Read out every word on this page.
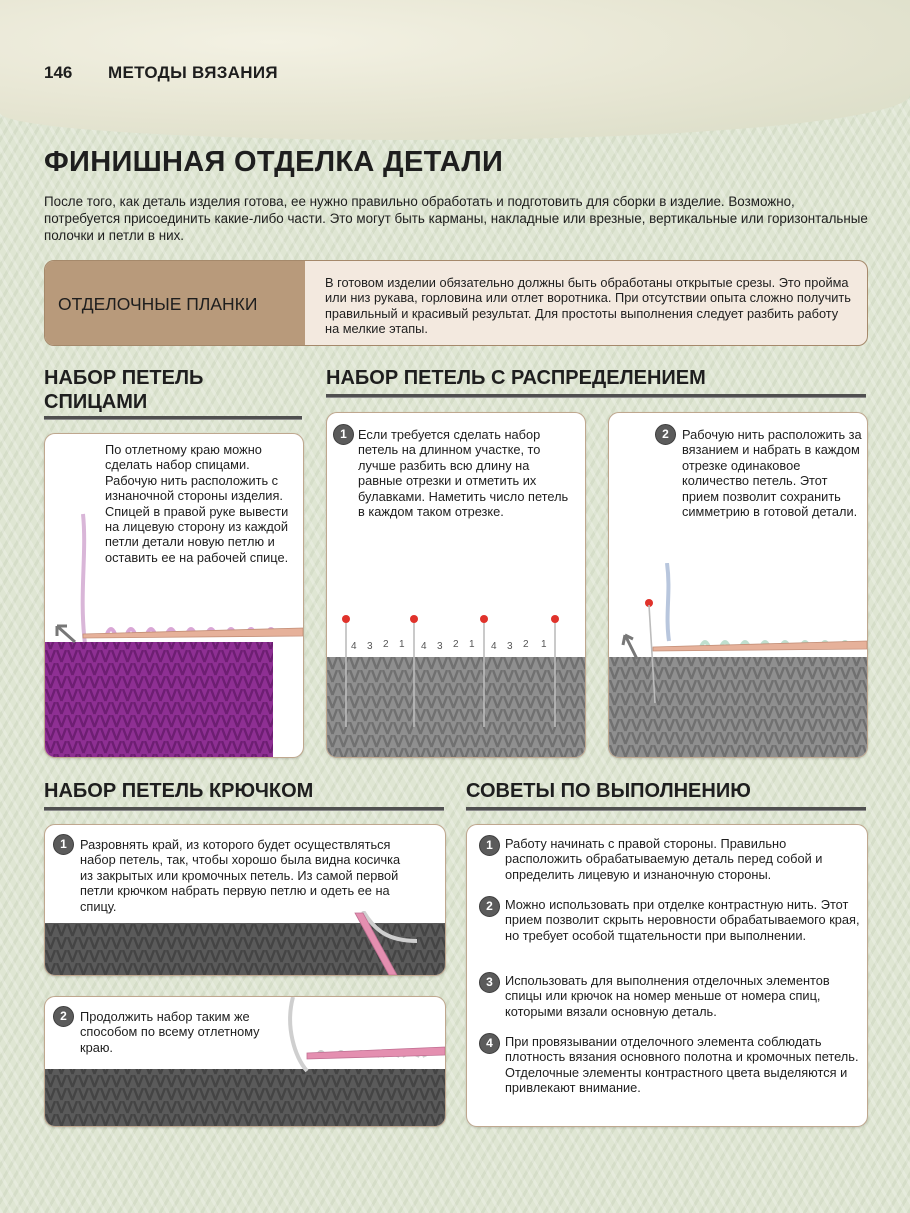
146 МЕТОДЫ ВЯЗАНИЯ
ФИНИШНАЯ ОТДЕЛКА ДЕТАЛИ
После того, как деталь изделия готова, ее нужно правильно обработать и подготовить для сборки в изделие. Возможно, потребуется присоединить какие-либо части. Это могут быть карманы, накладные или врезные, вертикальные или горизонтальные полочки и петли в них.
ОТДЕЛОЧНЫЕ ПЛАНКИ
В готовом изделии обязательно должны быть обработаны открытые срезы. Это пройма или низ рукава, горловина или отлет воротника. При отсутствии опыта сложно получить правильный и красивый результат. Для простоты выполнения следует разбить работу на мелкие этапы.
НАБОР ПЕТЕЛЬ СПИЦАМИ
По отлетному краю можно сделать набор спицами. Рабочую нить расположить с изнаночной стороны изделия. Спицей в правой руке вывести на лицевую сторону из каждой петли детали новую петлю и оставить ее на рабочей спице.
НАБОР ПЕТЕЛЬ С РАСПРЕДЕЛЕНИЕМ
1 Если требуется сделать набор петель на длинном участке, то лучше разбить всю длину на равные отрезки и отметить их булавками. Наметить число петель в каждом таком отрезке.
4 3 2 1 4 3 2 1 4 3 2 1
2	Рабочую нить расположить за вязанием и набрать в каждом отрезке одинаковое количество петель. Этот прием позволит сохранить симметрию в готовой детали.
НАБОР ПЕТЕЛЬ КРЮЧКОМ
1	Разровнять край, из которого будет осуществляться набор петель, так, чтобы хорошо была видна косичка из закрытых или кромочных петель. Из самой первой петли крючком набрать первую петлю и одеть ее на спицу.
2	Продолжить набор таким же способом по всему отлетному краю.
СОВЕТЫ ПО ВЫПОЛНЕНИЮ
1 Работу начинать с правой стороны. Правильно расположить обрабатываемую деталь перед собой и определить лицевую и изнаночную стороны.
2 Можно использовать при отделке контрастную нить. Этот прием позволит скрыть неровности обрабатываемого края, но требует особой тщательности при выполнении.
3 Использовать для выполнения отделочных элементов спицы или крючок на номер меньше от номера спиц, которыми вязали основную деталь.
4 При провязывании отделочного элемента соблюдать плотность вязания основного полотна и кромочных петель. Отделочные элементы контрастного цвета выделяются и привлекают внимание.
